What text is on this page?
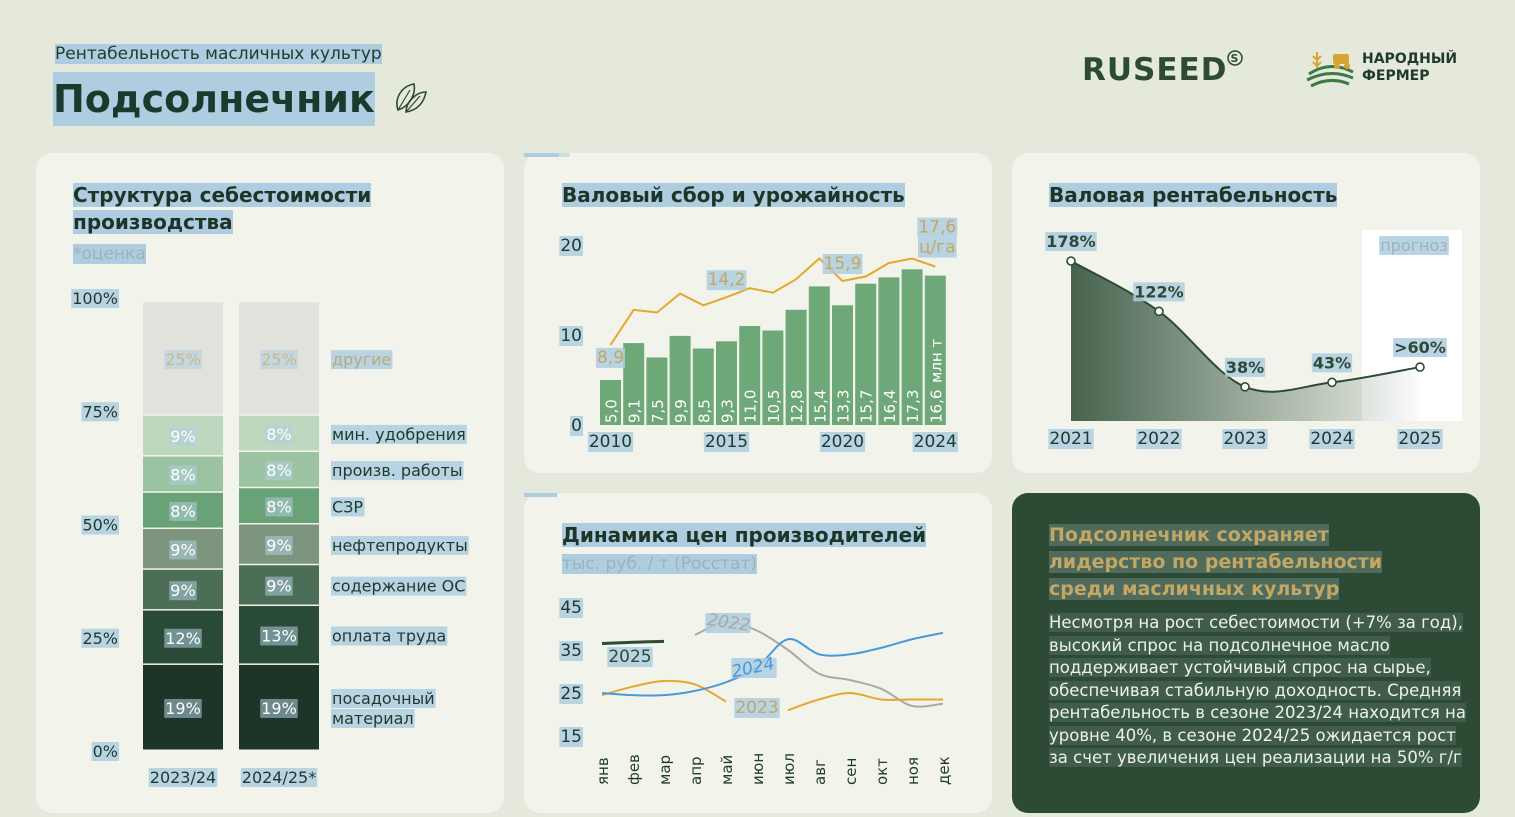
Рентабельность масличных культур
Подсолнечник
RUSEED $^S$	НАРОДНЫЙ
ФЕРМЕР
Структура себестоимости
производства
*оценка
0%
25%
50%
75%
100%
19%
12%
9%
9%
8%
8%
9%
25%
2023/24
19%
13%
9%
9%
8%
8%
8%
25%
2024/25*
посадочный
материал
оплата труда
содержание ОС
нефтепродукты
СЗР
произв. работы
мин. удобрения
другие
Валовый сбор и урожайность
0
10
20
5,0 9,1 7,5 9,9 8,5 9,3 11,0 10,5 12,8 15,4 13,3 15,7 16,4 17,3 16,6
млн т
8,9
14,2
15,9
17,6
ц/га
2010	2015	2020	2024
Валовая рентабельность
прогноз
178%
2021
122%
2022
38%
2023
43%
2024
>60%
2025
Динамика цен производителей
тыс. руб. / т (Росстат)
15
25
35
45
янв фев мар апр май июн июл авг сен окт ноя дек
2022
2024
2023
2025
Подсолнечник сохраняет лидерство по рентабельности среди масличных культур
Несмотря на рост себестоимости (+7% за год), высокий спрос на подсолнечное масло поддерживает устойчивый спрос на сырье, обеспечивая стабильную доходность. Средняя рентабельность в сезоне 2023/24 находится на уровне 40%, в сезоне 2024/25 ожидается рост за счет увеличения цен реализации на 50% г/г
